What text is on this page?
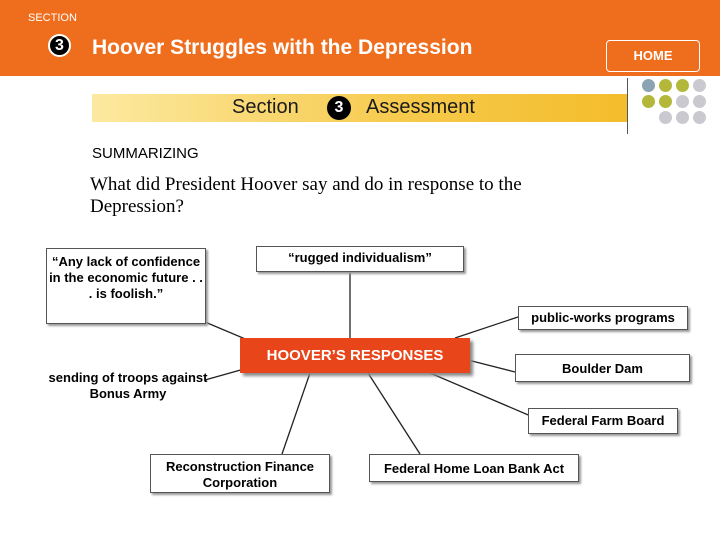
SECTION
3	Hoover Struggles with the Depression	HOME
Section	3	Assessment
SUMMARIZING
What did President Hoover say and do in response to the Depression?
“Any lack of confidence in the economic future . . . is foolish.”
“rugged individualism”
public-works programs
HOOVER’S RESPONSES
Boulder Dam
sending of troops against Bonus Army
Federal Farm Board
Reconstruction Finance Corporation
Federal Home Loan Bank Act
